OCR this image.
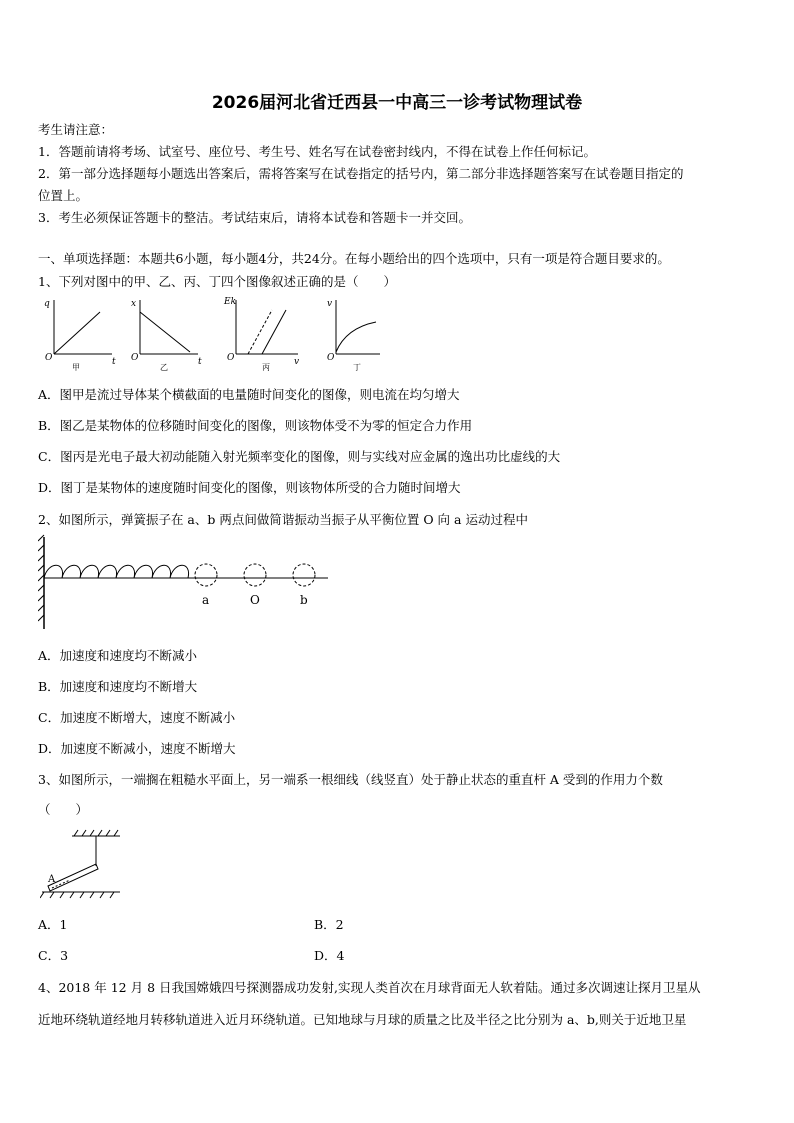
2026届河北省迁西县一中高三一诊考试物理试卷
考生请注意：
1．答题前请将考场、试室号、座位号、考生号、姓名写在试卷密封线内，不得在试卷上作任何标记。
2．第一部分选择题每小题选出答案后，需将答案写在试卷指定的括号内，第二部分非选择题答案写在试卷题目指定的
位置上。
3．考生必须保证答题卡的整洁。考试结束后，请将本试卷和答题卡一并交回。
一、单项选择题：本题共6小题，每小题4分，共24分。在每小题给出的四个选项中，只有一项是符合题目要求的。
1、下列对图中的甲、乙、丙、丁四个图像叙述正确的是（　　）
q
O	t
x
O	t
Ek
O	v
v
O
甲	乙	丙	丁
A．图甲是流过导体某个横截面的电量随时间变化的图像，则电流在均匀增大
B．图乙是某物体的位移随时间变化的图像，则该物体受不为零的恒定合力作用
C．图丙是光电子最大初动能随入射光频率变化的图像，则与实线对应金属的逸出功比虚线的大
D．图丁是某物体的速度随时间变化的图像，则该物体所受的合力随时间增大
2、如图所示，弹簧振子在 a、b 两点间做简谐振动当振子从平衡位置 O 向 a 运动过程中
a	O	b
A．加速度和速度均不断减小
B．加速度和速度均不断增大
C．加速度不断增大，速度不断减小
D．加速度不断减小，速度不断增大
3、如图所示，一端搁在粗糙水平面上，另一端系一根细线（线竖直）处于静止状态的重直杆 A 受到的作用力个数
（　　）
A
A．1	B．2
C．3	D．4
4、2018 年 12 月 8 日我国嫦娥四号探测器成功发射,实现人类首次在月球背面无人软着陆。通过多次调速让探月卫星从
近地环绕轨道经地月转移轨道进入近月环绕轨道。已知地球与月球的质量之比及半径之比分别为 a、b,则关于近地卫星
